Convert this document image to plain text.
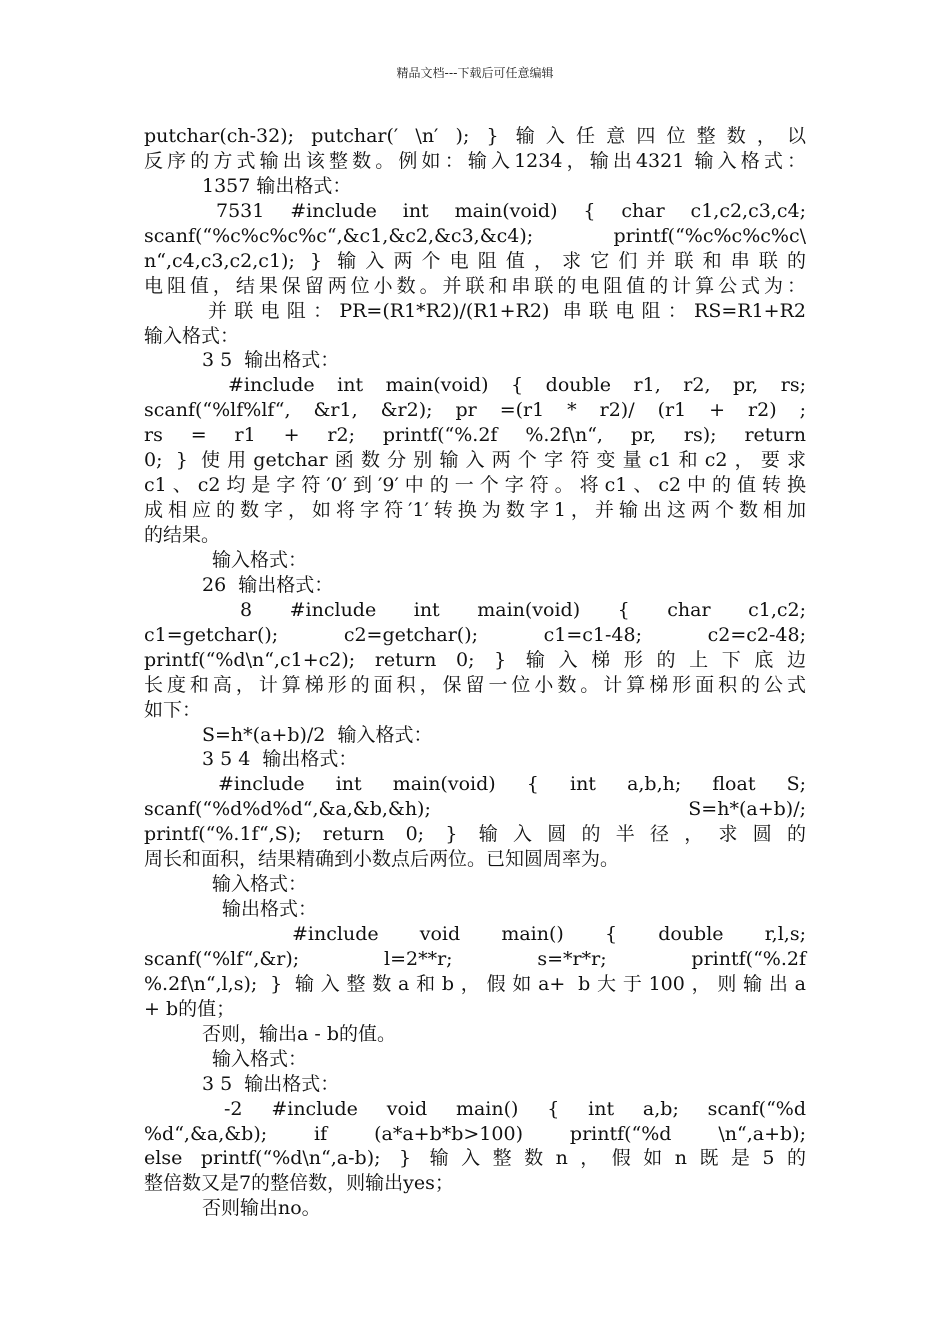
精品文档---下载后可任意编辑
putchar(ch-32); putchar(′ \n′ ); } 输入任意四位整数，以
反序的方式输出该整数。例如：输入1234，输出4321 输入格式：
1357 输出格式：
7531 #include int main(void) { char c1,c2,c3,c4;
scanf(“%c%c%c%c“,&c1,&c2,&c3,&c4); printf(“%c%c%c%c\
n“,c4,c3,c2,c1); } 输入两个电阻值，求它们并联和串联的
电阻值，结果保留两位小数。并联和串联的电阻值的计算公式为：
并联电阻：PR=(R1*R2)/(R1+R2) 串联电阻：RS=R1+R2
输入格式：
3 5  输出格式：
#include int main(void) { double r1, r2, pr, rs;
scanf(“%lf%lf“, &r1, &r2); pr =(r1 * r2)/ (r1 + r2) ;
rs = r1 + r2; printf(“%.2f %.2f\n“, pr, rs); return
0; } 使用getchar函数分别输入两个字符变量c1和c2，要求
c1、c2均是字符′0′到′9′中的一个字符。将c1、c2中的值转换
成相应的数字，如将字符′1′转换为数字1，并输出这两个数相加
的结果。
输入格式：
26  输出格式：
8 #include int main(void) { char c1,c2;
c1=getchar(); c2=getchar(); c1=c1-48; c2=c2-48;
printf(“%d\n“,c1+c2); return 0; } 输入梯形的上下底边
长度和高，计算梯形的面积，保留一位小数。计算梯形面积的公式
如下：
S=h*(a+b)/2  输入格式：
3 5 4  输出格式：
#include int main(void) { int a,b,h; float S;
scanf(“%d%d%d“,&a,&b,&h); S=h*(a+b)/;
printf(“%.1f“,S); return 0; } 输入圆的半径，求圆的
周长和面积，结果精确到小数点后两位。已知圆周率为。
输入格式：
输出格式：
#include void main() { double r,l,s;
scanf(“%lf“,&r); l=2**r; s=*r*r; printf(“%.2f
%.2f\n“,l,s); } 输入整数a和b，假如a+ b大于100，则输出a
+ b的值；
否则，输出a - b的值。
输入格式：
3 5  输出格式：
-2 #include void main() { int a,b; scanf(“%d
%d“,&a,&b); if (a*a+b*b>100) printf(“%d \n“,a+b);
else printf(“%d\n“,a-b); } 输入整数n，假如n既是5的
整倍数又是7的整倍数，则输出yes；
否则输出no。
